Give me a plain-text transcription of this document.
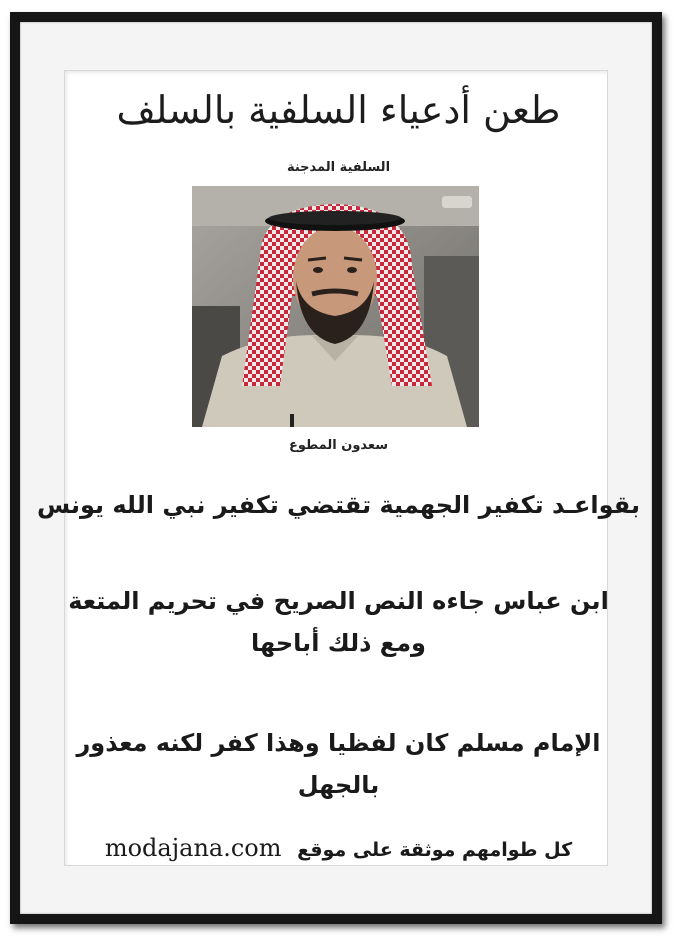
طعن أدعياء السلفية بالسلف
السلفية المدجنة
سعدون المطوع
بقواعـد تكفير الجهمية تقتضي تكفير نبي الله يونس
ابن عباس جاءه النص الصريح في تحريم المتعة
ومع ذلك أباحها
الإمام مسلم كان لفظيا وهذا كفر لكنه معذور
بالجهل
modajana.com كل طوامهم موثقة على موقع
